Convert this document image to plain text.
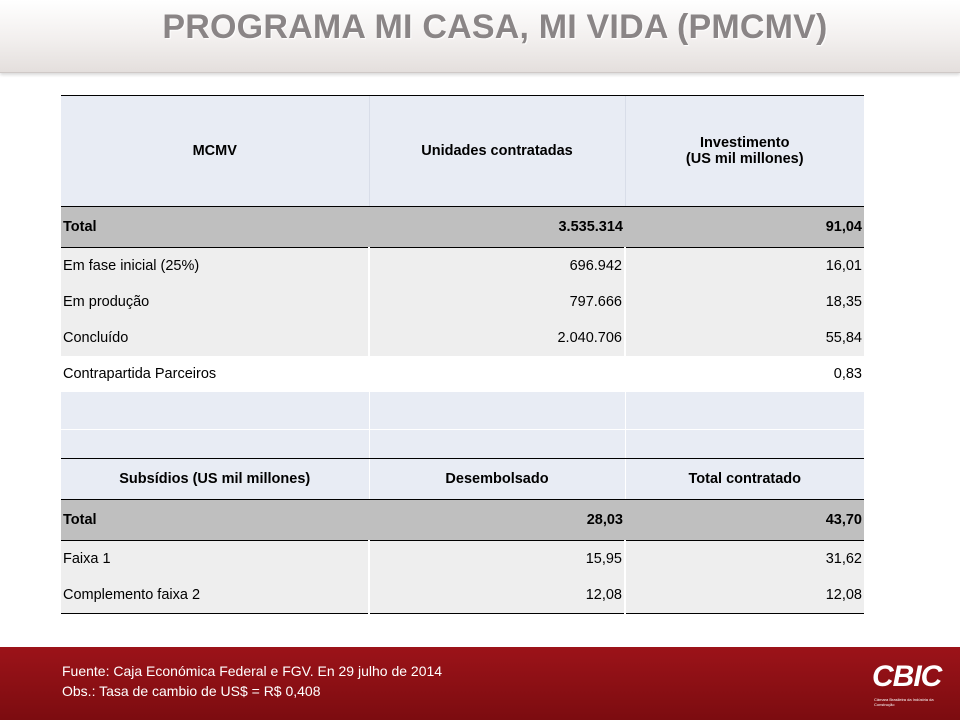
PROGRAMA MI CASA, MI VIDA (PMCMV)
MCMV	Unidades contratadas	Investimento
(US mil millones)

Total	3.535.314	91,04
Em fase inicial (25%)	696.942	16,01
Em produção	797.666	18,35
Concluído	2.040.706	55,84
Contrapartida Parceiros		0,83

Subsídios (US mil millones)	Desembolsado	Total contratado
Total	28,03	43,70
Faixa 1	15,95	31,62
Complemento faixa 2	12,08	12,08
Fuente: Caja Económica Federal e FGV. En 29 julho de 2014
Obs.: Tasa de cambio de US$ = R$ 0,408	CBIC
Câmara Brasileira da Indústria da Construção
